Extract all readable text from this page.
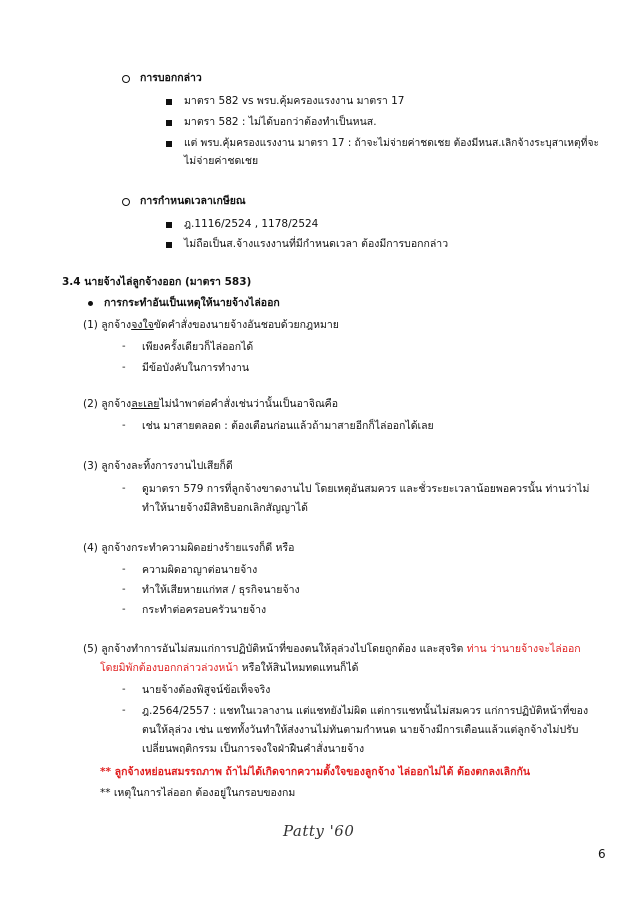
การบอกกล่าว
มาตรา 582 vs พรบ.คุ้มครองแรงงาน มาตรา 17
มาตรา 582 : ไม่ได้บอกว่าต้องทำเป็นหนส.
แต่ พรบ.คุ้มครองแรงงาน มาตรา 17 : ถ้าจะไม่จ่ายค่าชดเชย ต้องมีหนส.เลิกจ้างระบุสาเหตุที่จะ
ไม่จ่ายค่าชดเชย
การกำหนดเวลาเกษียณ
ฎ.1116/2524 , 1178/2524
ไม่ถือเป็นส.จ้างแรงงานที่มีกำหนดเวลา ต้องมีการบอกกล่าว
3.4 นายจ้างไล่ลูกจ้างออก (มาตรา 583)
การกระทำอันเป็นเหตุให้นายจ้างไล่ออก
(1) ลูกจ้างจงใจขัดคำสั่งของนายจ้างอันชอบด้วยกฎหมาย
- เพียงครั้งเดียวก็ไล่ออกได้
- มีข้อบังคับในการทำงาน
(2) ลูกจ้างละเลยไม่นำพาต่อคำสั่งเช่นว่านั้นเป็นอาจิณคือ
- เช่น มาสายตลอด : ต้องเตือนก่อนแล้วถ้ามาสายอีกก็ไล่ออกได้เลย
(3) ลูกจ้างละทิ้งการงานไปเสียก็ดี
- ดูมาตรา 579 การที่ลูกจ้างขาดงานไป โดยเหตุอันสมควร และชั่วระยะเวลาน้อยพอควรนั้น ท่านว่าไม่
ทำให้นายจ้างมีสิทธิบอกเลิกสัญญาได้
(4) ลูกจ้างกระทำความผิดอย่างร้ายแรงก็ดี หรือ
- ความผิดอาญาต่อนายจ้าง
- ทำให้เสียหายแก่ทส / ธุรกิจนายจ้าง
- กระทำต่อครอบครัวนายจ้าง
(5) ลูกจ้างทำการอันไม่สมแก่การปฏิบัติหน้าที่ของตนให้ลุล่วงไปโดยถูกต้อง และสุจริต ท่าน ว่านายจ้างจะไล่ออก
โดยมิพักต้องบอกกล่าวล่วงหน้า หรือให้สินไหมทดแทนก็ได้
- นายจ้างต้องพิสูจน์ข้อเท็จจริง
- ฎ.2564/2557 : แชทในเวลางาน แต่แชทยังไม่ผิด แต่การแชทนั้นไม่สมควร แก่การปฏิบัติหน้าที่ของ
ตนให้ลุล่วง เช่น แชททั้งวันทำให้ส่งงานไม่ทันตามกำหนด นายจ้างมีการเตือนแล้วแต่ลูกจ้างไม่ปรับ
เปลี่ยนพฤติกรรม เป็นการจงใจฝ่าฝืนคำสั่งนายจ้าง
** ลูกจ้างหย่อนสมรรถภาพ ถ้าไม่ได้เกิดจากความตั้งใจของลูกจ้าง ไล่ออกไม่ได้ ต้องตกลงเลิกกัน
** เหตุในการไล่ออก ต้องอยู่ในกรอบของกม
Patty '60
6
